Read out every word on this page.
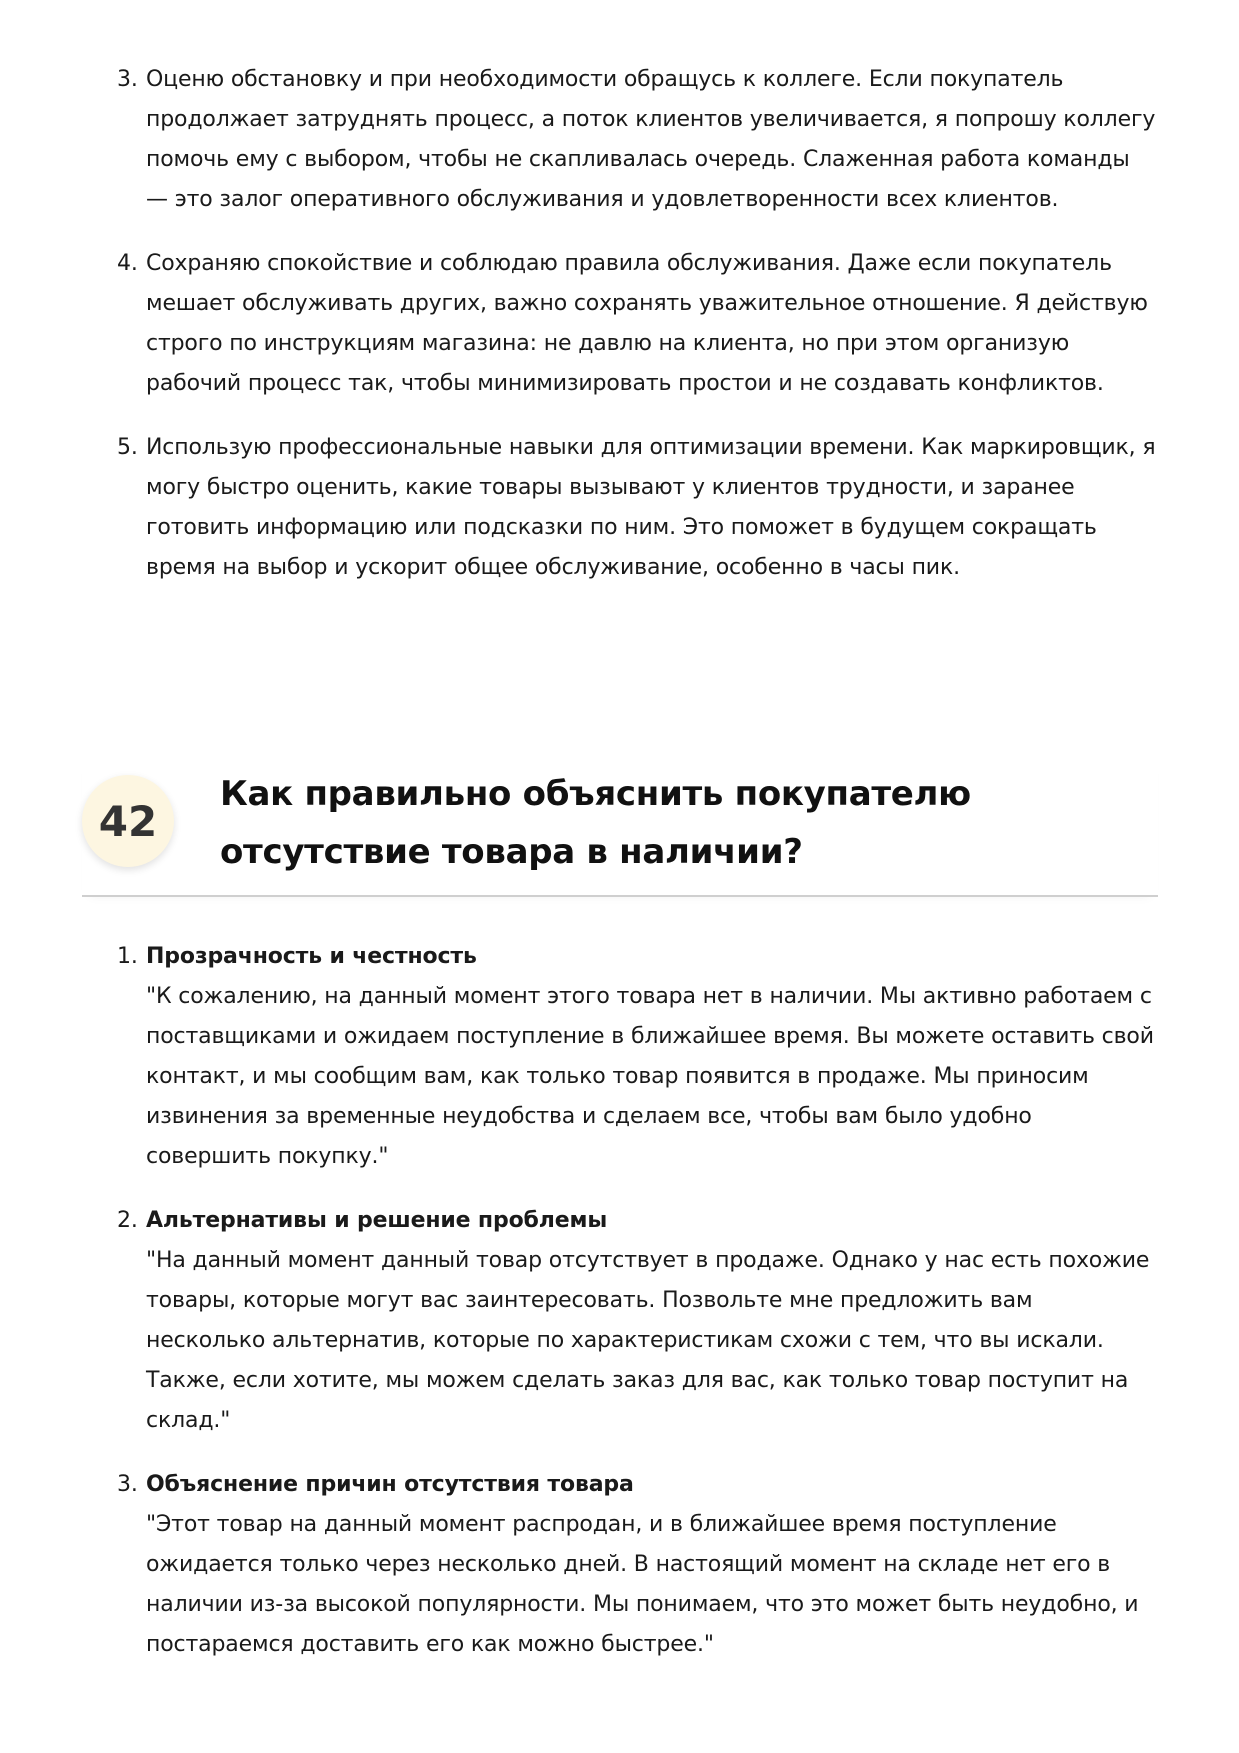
3. Оценю обстановку и при необходимости обращусь к коллеге. Если покупатель продолжает затруднять процесс, а поток клиентов увеличивается, я попрошу коллегу помочь ему с выбором, чтобы не скапливалась очередь. Слаженная работа команды — это залог оперативного обслуживания и удовлетворенности всех клиентов.
4. Сохраняю спокойствие и соблюдаю правила обслуживания. Даже если покупатель мешает обслуживать других, важно сохранять уважительное отношение. Я действую строго по инструкциям магазина: не давлю на клиента, но при этом организую рабочий процесс так, чтобы минимизировать простои и не создавать конфликтов.
5. Использую профессиональные навыки для оптимизации времени. Как маркировщик, я могу быстро оценить, какие товары вызывают у клиентов трудности, и заранее готовить информацию или подсказки по ним. Это поможет в будущем сокращать время на выбор и ускорит общее обслуживание, особенно в часы пик.
42
Как правильно объяснить покупателю отсутствие товара в наличии?
1. Прозрачность и честность
"К сожалению, на данный момент этого товара нет в наличии. Мы активно работаем с поставщиками и ожидаем поступление в ближайшее время. Вы можете оставить свой контакт, и мы сообщим вам, как только товар появится в продаже. Мы приносим извинения за временные неудобства и сделаем все, чтобы вам было удобно совершить покупку."
2. Альтернативы и решение проблемы
"На данный момент данный товар отсутствует в продаже. Однако у нас есть похожие товары, которые могут вас заинтересовать. Позвольте мне предложить вам несколько альтернатив, которые по характеристикам схожи с тем, что вы искали. Также, если хотите, мы можем сделать заказ для вас, как только товар поступит на склад."
3. Объяснение причин отсутствия товара
"Этот товар на данный момент распродан, и в ближайшее время поступление ожидается только через несколько дней. В настоящий момент на складе нет его в наличии из-за высокой популярности. Мы понимаем, что это может быть неудобно, и постараемся доставить его как можно быстрее."
